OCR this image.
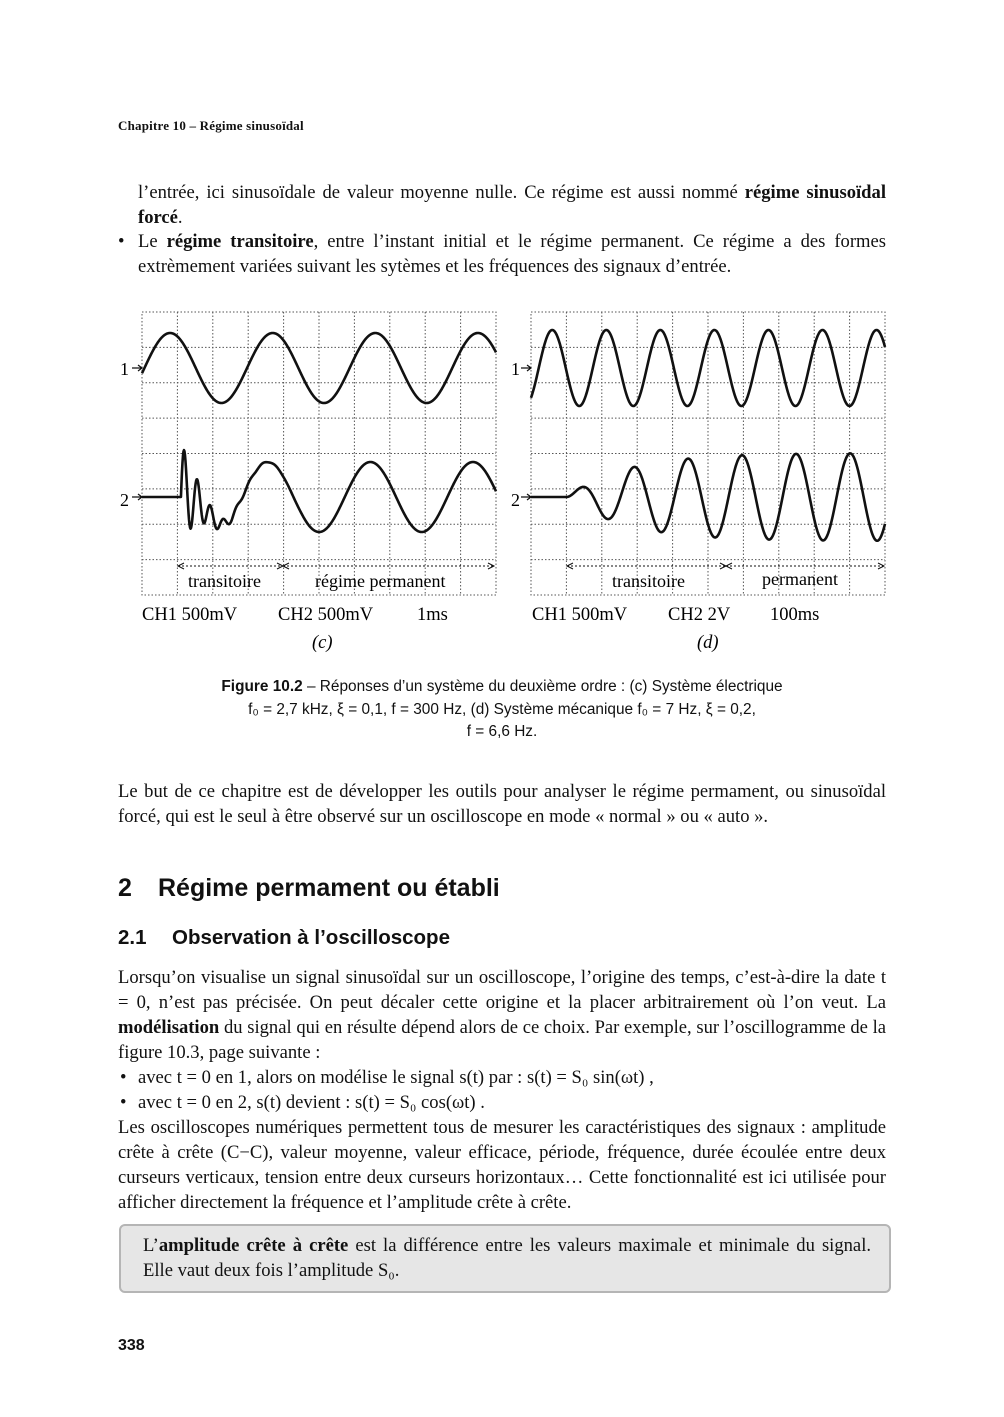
Chapitre 10 – Régime sinusoïdal
l’entrée, ici sinusoïdale de valeur moyenne nulle. Ce régime est aussi nommé régime sinusoïdal forcé.
• Le régime transitoire, entre l’instant initial et le régime permanent. Ce régime a des formes extrèmement variées suivant les sytèmes et les fréquences des signaux d’entrée.
1
2
transitoire	régime permanent
CH1 500mV CH2 500mV 1ms
(c)
1
2
transitoire	permanent
CH1 500mV CH2 2V 100ms
(d)
Figure 10.2 – Réponses d’un système du deuxième ordre : (c) Système électrique
f₀ = 2,7 kHz, ξ = 0,1, f = 300 Hz, (d) Système mécanique f₀ = 7 Hz, ξ = 0,2,
f = 6,6 Hz.
Le but de ce chapitre est de développer les outils pour analyser le régime permament, ou sinusoïdal forcé, qui est le seul à être observé sur un oscilloscope en mode « normal » ou « auto ».
2 Régime permament ou établi
2.1 Observation à l’oscilloscope
Lorsqu’on visualise un signal sinusoïdal sur un oscilloscope, l’origine des temps, c’est-à-dire la date t = 0, n’est pas précisée. On peut décaler cette origine et la placer arbitrairement où l’on veut. La modélisation du signal qui en résulte dépend alors de ce choix. Par exemple, sur l’oscillogramme de la figure 10.3, page suivante :
• avec t = 0 en 1, alors on modélise le signal s(t) par : s(t) = S₀ sin(ωt) ,
• avec t = 0 en 2, s(t) devient : s(t) = S₀ cos(ωt) .
Les oscilloscopes numériques permettent tous de mesurer les caractéristiques des signaux : amplitude crête à crête (C−C), valeur moyenne, valeur efficace, période, fréquence, durée écoulée entre deux curseurs verticaux, tension entre deux curseurs horizontaux… Cette fonctionnalité est ici utilisée pour afficher directement la fréquence et l’amplitude crête à crête.
L’amplitude crête à crête est la différence entre les valeurs maximale et minimale du signal. Elle vaut deux fois l’amplitude S₀.
338
